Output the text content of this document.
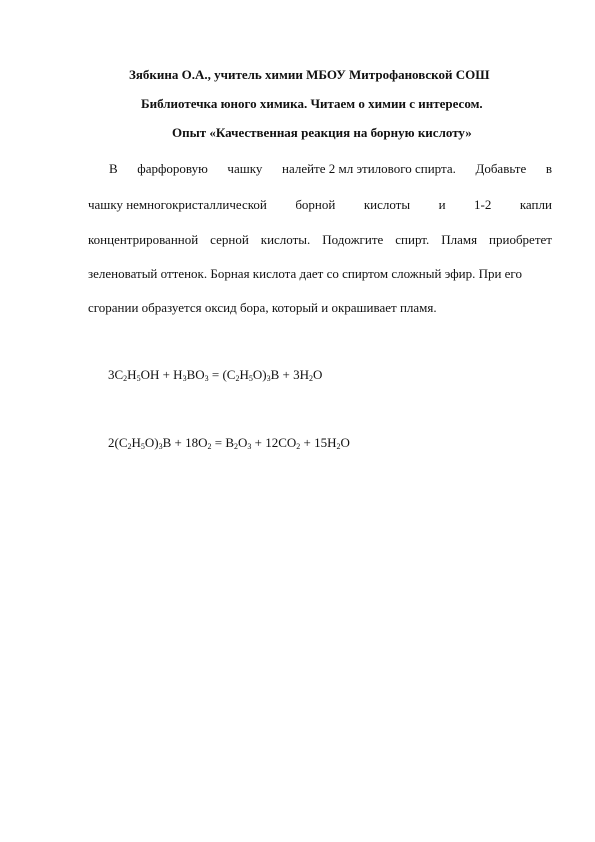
Зябкина О.А., учитель химии МБОУ Митрофановской СОШ

Библиотечка юного химика. Читаем о химии с интересом.

Опыт «Качественная реакция на борную кислоту»

В фарфоровую чашку налейте 2 мл этилового спирта. Добавьте в
чашку немногокристаллической борной кислоты и 1-2 капли
концентрированной серной кислоты. Подожгите спирт. Пламя приобретет

зеленоватый оттенок. Борная кислота дает со спиртом сложный эфир. При его

сгорании образуется оксид бора, который и окрашивает пламя.

$3C_2H_5OH + H_3BO_3 = (C_2H_5O)_3B + 3H_2O$

$2(C_2H_5O)_3B + 18O_2 = B_2O_3 + 12CO_2 + 15H_2O$
